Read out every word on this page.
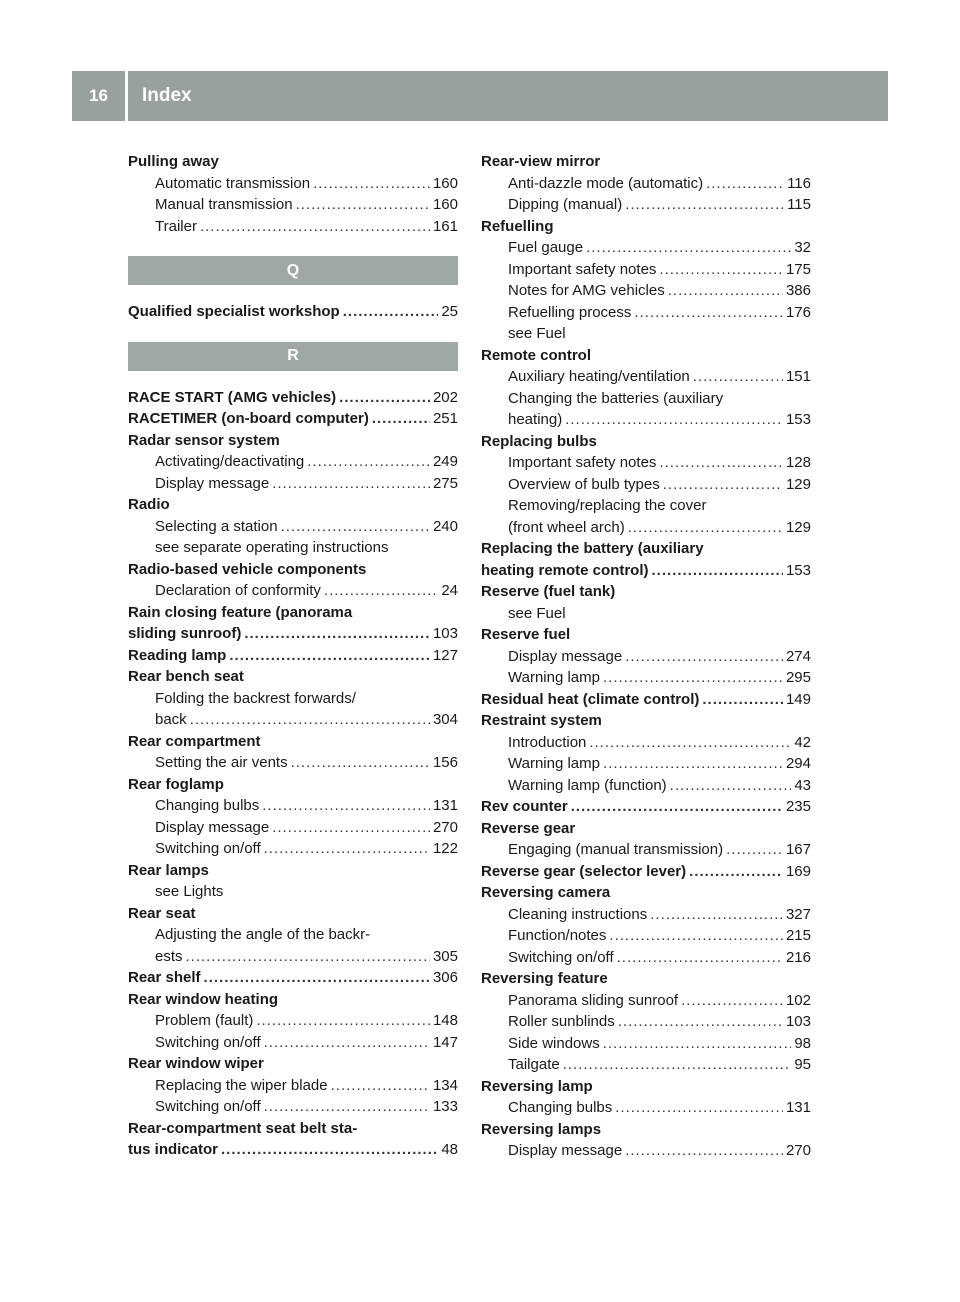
16	Index
Pulling away
Automatic transmission .....	160
Manual transmission .....	160
Trailer .....	161
Q
Qualified specialist workshop .....	25
R
RACE START (AMG vehicles) .....	202
RACETIMER (on-board computer) .....	251
Radar sensor system
Activating/deactivating .....	249
Display message .....	275
Radio
Selecting a station .....	240
see separate operating instructions
Radio-based vehicle components
Declaration of conformity .....	24
Rain closing feature (panorama
sliding sunroof) .....	103
Reading lamp .....	127
Rear bench seat
Folding the backrest forwards/
back .....	304
Rear compartment
Setting the air vents .....	156
Rear foglamp
Changing bulbs .....	131
Display message .....	270
Switching on/off .....	122
Rear lamps
see Lights
Rear seat
Adjusting the angle of the backr-
ests .....	305
Rear shelf .....	306
Rear window heating
Problem (fault) .....	148
Switching on/off .....	147
Rear window wiper
Replacing the wiper blade .....	134
Switching on/off .....	133
Rear-compartment seat belt sta-
tus indicator .....	48
Rear-view mirror
Anti-dazzle mode (automatic) .....	116
Dipping (manual) .....	115
Refuelling
Fuel gauge .....	32
Important safety notes .....	175
Notes for AMG vehicles .....	386
Refuelling process .....	176
see Fuel
Remote control
Auxiliary heating/ventilation .....	151
Changing the batteries (auxiliary
heating) .....	153
Replacing bulbs
Important safety notes .....	128
Overview of bulb types .....	129
Removing/replacing the cover
(front wheel arch) .....	129
Replacing the battery (auxiliary
heating remote control) .....	153
Reserve (fuel tank)
see Fuel
Reserve fuel
Display message .....	274
Warning lamp .....	295
Residual heat (climate control) .....	149
Restraint system
Introduction .....	42
Warning lamp .....	294
Warning lamp (function) .....	43
Rev counter .....	235
Reverse gear
Engaging (manual transmission) .....	167
Reverse gear (selector lever) .....	169
Reversing camera
Cleaning instructions .....	327
Function/notes .....	215
Switching on/off .....	216
Reversing feature
Panorama sliding sunroof .....	102
Roller sunblinds .....	103
Side windows .....	98
Tailgate .....	95
Reversing lamp
Changing bulbs .....	131
Reversing lamps
Display message .....	270
